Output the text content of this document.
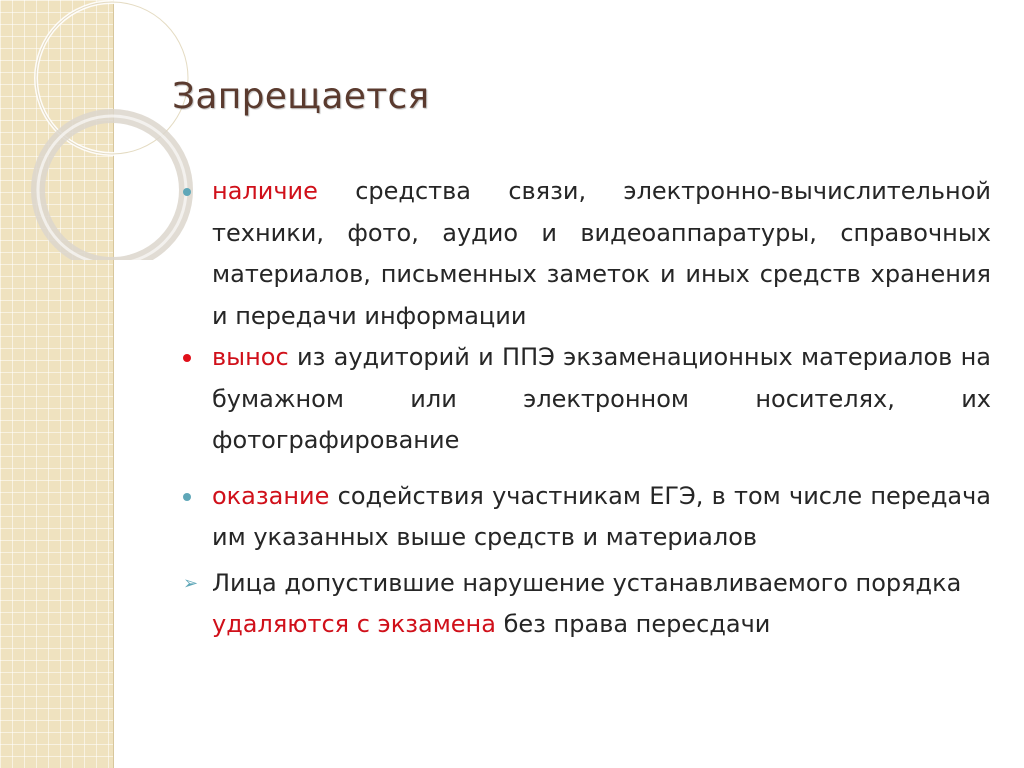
Запрещается
наличие средства связи, электронно-вычислительной техники, фото, аудио и видеоаппаратуры, справочных материалов, письменных заметок и иных средств хранения и передачи информации
вынос из аудиторий и ППЭ экзаменационных материалов на бумажном или электронном носителях, их фотографирование
оказание содействия участникам ЕГЭ, в том числе передача им указанных выше средств и материалов
➢ Лица допустившие нарушение устанавливаемого порядка удаляются с экзамена без права пересдачи
